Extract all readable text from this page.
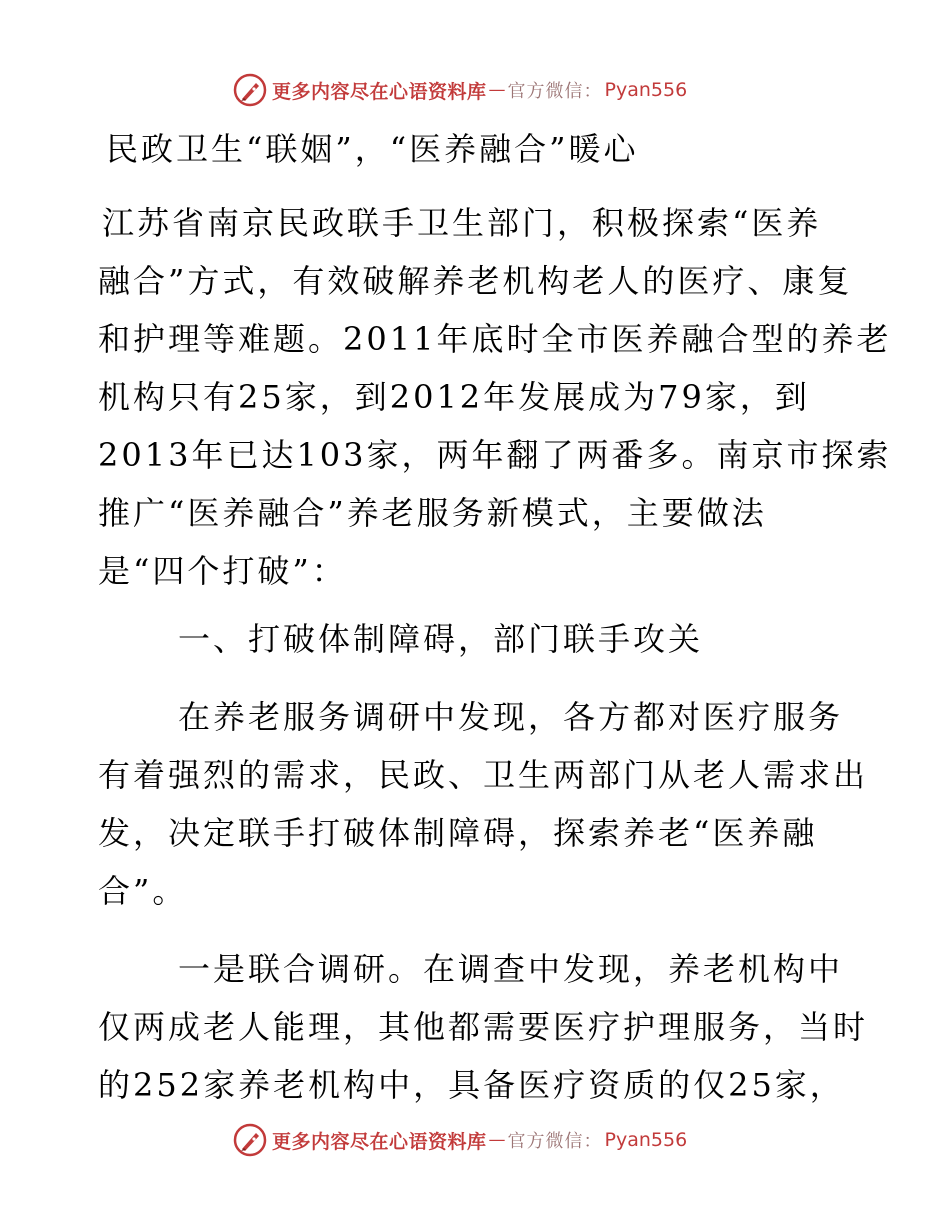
更多内容尽在心语资料库 — 官方微信： Pyan556
民政卫生“联姻”，“医养融合”暖心
江苏省南京民政联手卫生部门，积极探索“医养
融合”方式，有效破解养老机构老人的医疗、康复
和护理等难题。2011年底时全市医养融合型的养老
机构只有25家，到2012年发展成为79家，到
2013年已达103家，两年翻了两番多。南京市探索
推广“医养融合”养老服务新模式，主要做法
是“四个打破”：
一、打破体制障碍，部门联手攻关
在养老服务调研中发现，各方都对医疗服务
有着强烈的需求，民政、卫生两部门从老人需求出
发，决定联手打破体制障碍，探索养老“医养融
合”。
一是联合调研。在调查中发现，养老机构中
仅两成老人能理，其他都需要医疗护理服务，当时
的252家养老机构中，具备医疗资质的仅25家，
更多内容尽在心语资料库 — 官方微信： Pyan556
